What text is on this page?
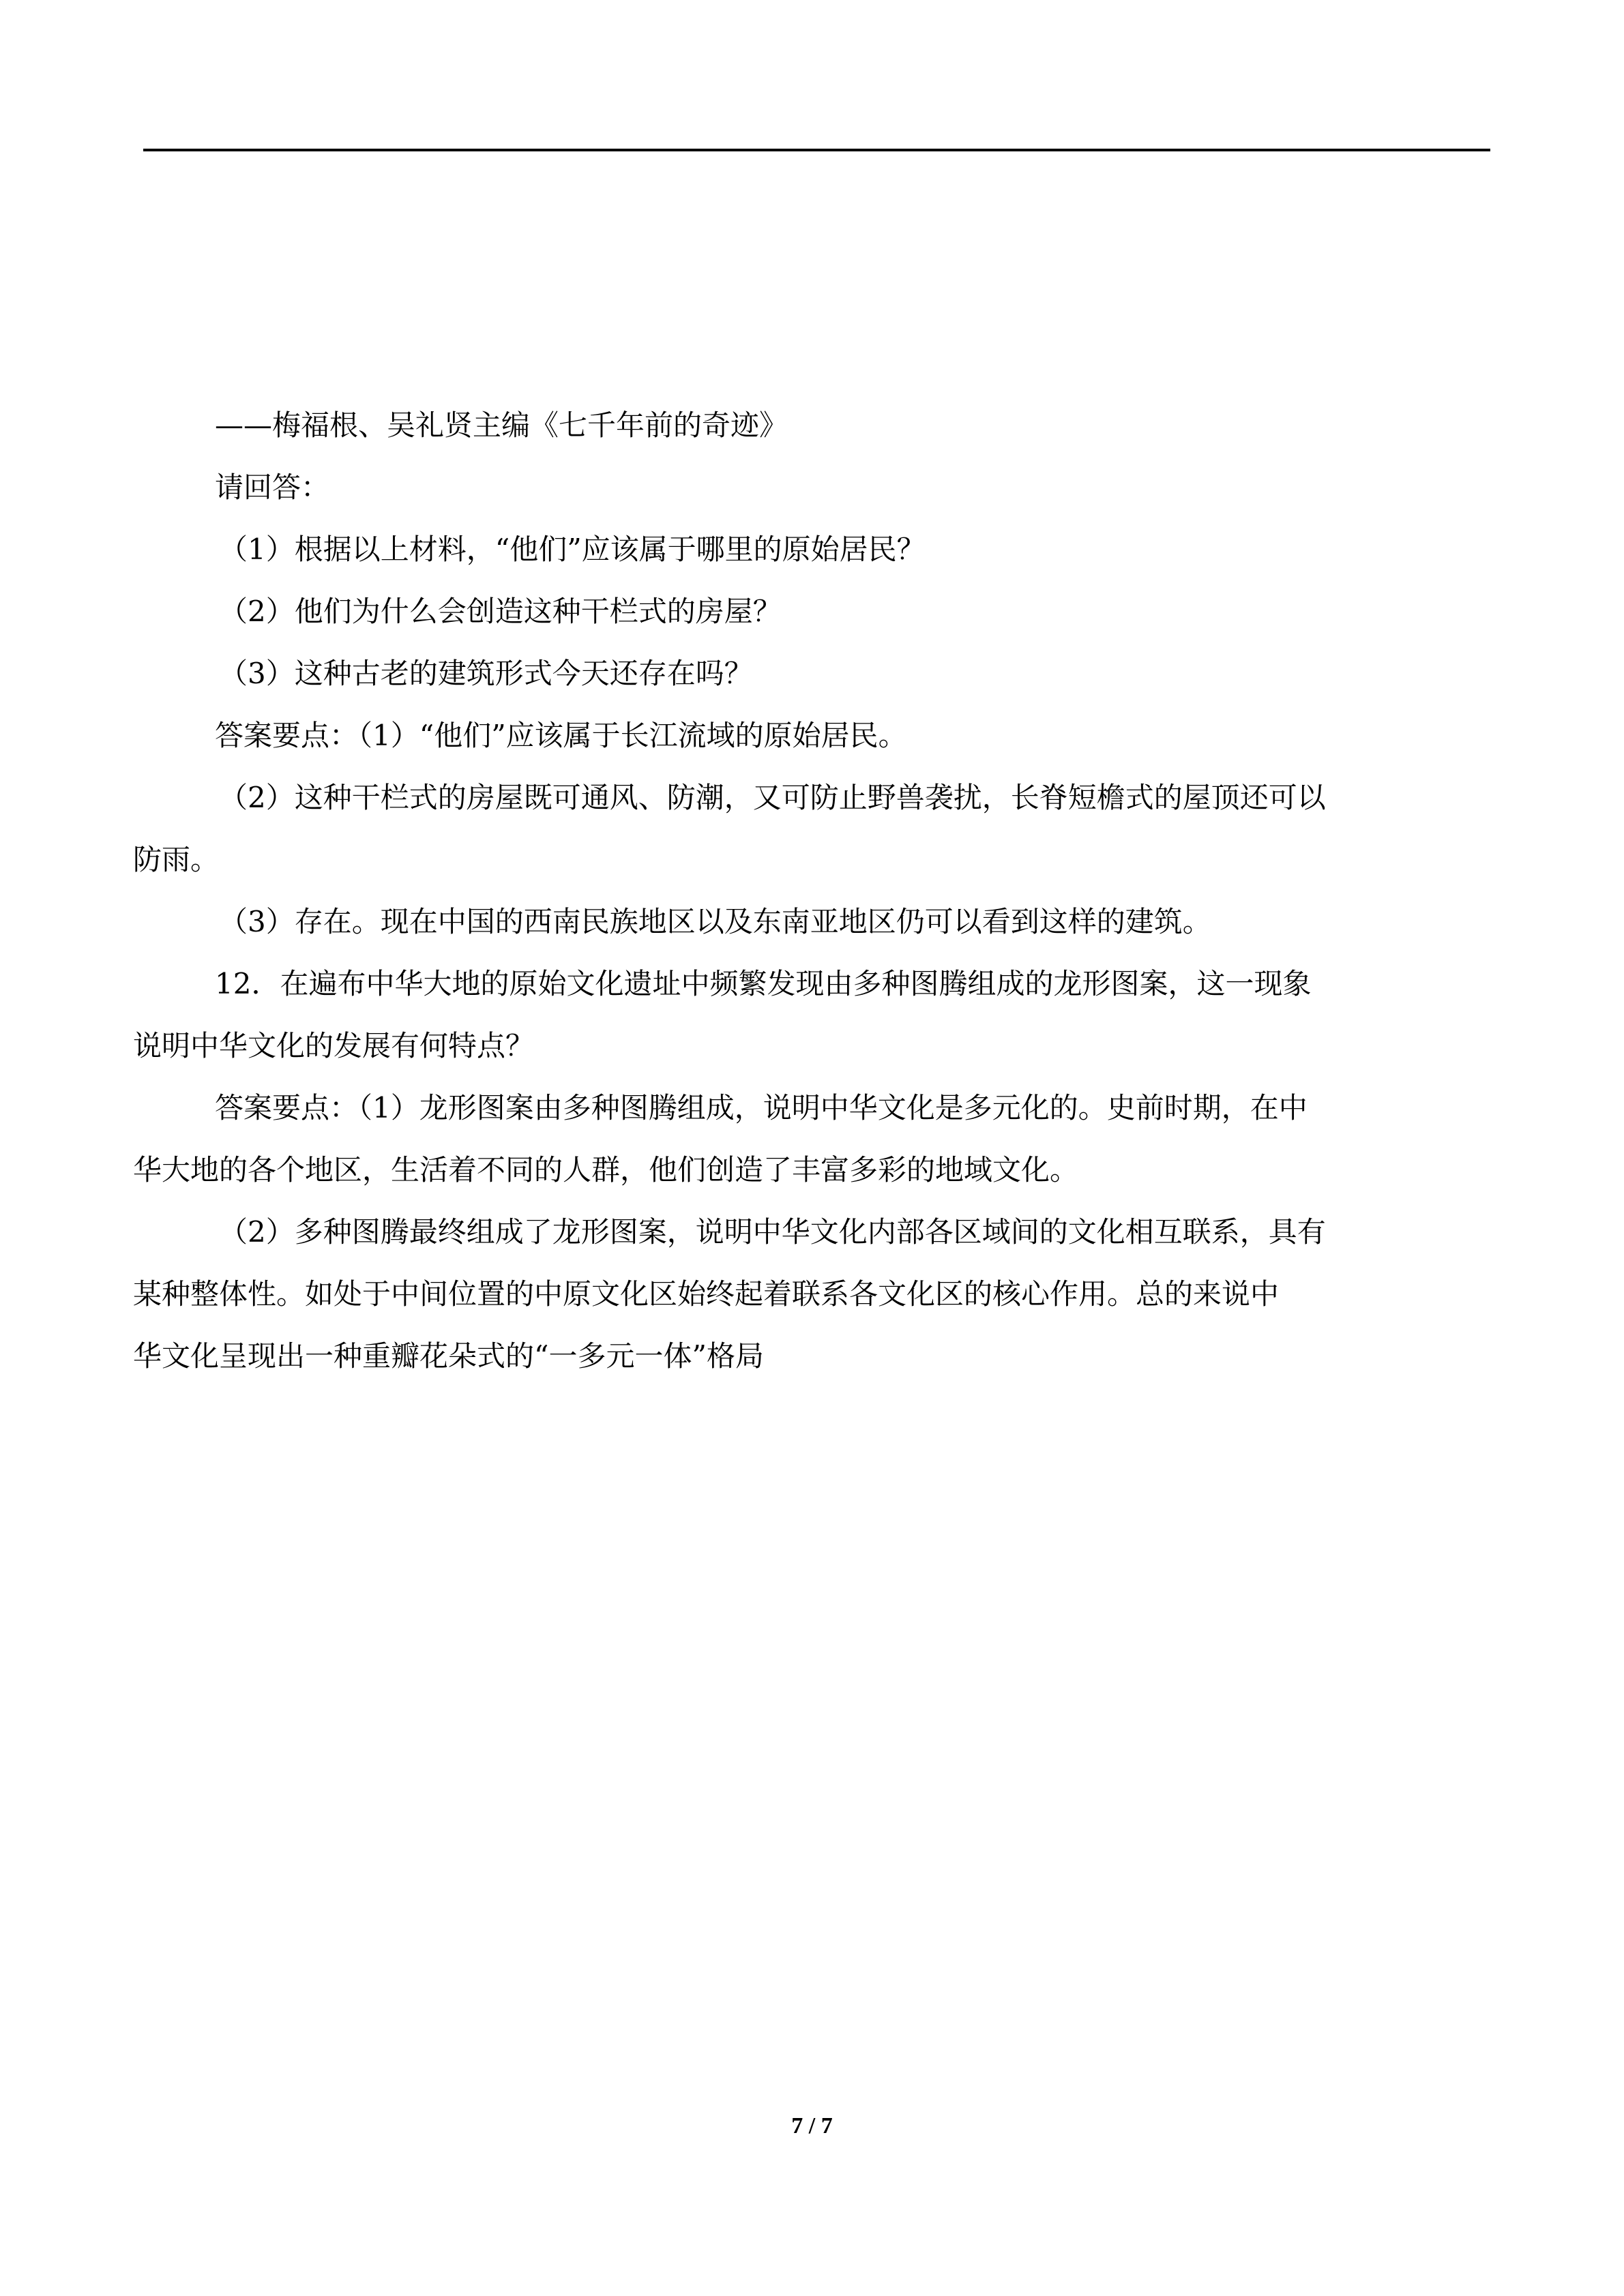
——梅福根、吴礼贤主编《七千年前的奇迹》
请回答：
（1）根据以上材料，“他们”应该属于哪里的原始居民？
（2）他们为什么会创造这种干栏式的房屋？
（3）这种古老的建筑形式今天还存在吗？
答案要点：（1）“他们”应该属于长江流域的原始居民。
（2）这种干栏式的房屋既可通风、防潮，又可防止野兽袭扰，长脊短檐式的屋顶还可以
防雨。
（3）存在。现在中国的西南民族地区以及东南亚地区仍可以看到这样的建筑。
12．在遍布中华大地的原始文化遗址中频繁发现由多种图腾组成的龙形图案，这一现象
说明中华文化的发展有何特点？
答案要点：（1）龙形图案由多种图腾组成，说明中华文化是多元化的。史前时期，在中
华大地的各个地区，生活着不同的人群，他们创造了丰富多彩的地域文化。
（2）多种图腾最终组成了龙形图案，说明中华文化内部各区域间的文化相互联系，具有
某种整体性。如处于中间位置的中原文化区始终起着联系各文化区的核心作用。总的来说中
华文化呈现出一种重瓣花朵式的“一多元一体”格局
7 / 7
